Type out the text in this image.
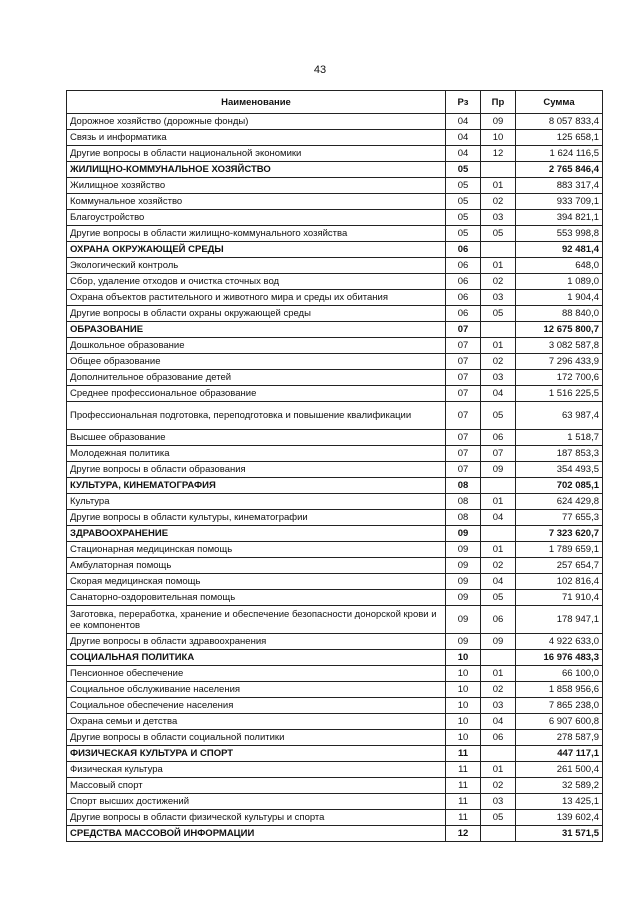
43
Наименование	Рз	Пр	Сумма
Дорожное хозяйство (дорожные фонды)	04	09	8 057 833,4
Связь и информатика	04	10	125 658,1
Другие вопросы в области национальной экономики	04	12	1 624 116,5
ЖИЛИЩНО-КОММУНАЛЬНОЕ ХОЗЯЙСТВО	05		2 765 846,4
Жилищное хозяйство	05	01	883 317,4
Коммунальное хозяйство	05	02	933 709,1
Благоустройство	05	03	394 821,1
Другие вопросы в области жилищно-коммунального хозяйства	05	05	553 998,8
ОХРАНА ОКРУЖАЮЩЕЙ СРЕДЫ	06		92 481,4
Экологический контроль	06	01	648,0
Сбор, удаление отходов и очистка сточных вод	06	02	1 089,0
Охрана объектов растительного и животного мира и среды их обитания	06	03	1 904,4
Другие вопросы в области охраны окружающей среды	06	05	88 840,0
ОБРАЗОВАНИЕ	07		12 675 800,7
Дошкольное образование	07	01	3 082 587,8
Общее образование	07	02	7 296 433,9
Дополнительное образование детей	07	03	172 700,6
Среднее профессиональное образование	07	04	1 516 225,5
Профессиональная подготовка, переподготовка и повышение квалификации	07	05	63 987,4
Высшее образование	07	06	1 518,7
Молодежная политика	07	07	187 853,3
Другие вопросы в области образования	07	09	354 493,5
КУЛЬТУРА, КИНЕМАТОГРАФИЯ	08		702 085,1
Культура	08	01	624 429,8
Другие вопросы в области культуры, кинематографии	08	04	77 655,3
ЗДРАВООХРАНЕНИЕ	09		7 323 620,7
Стационарная медицинская помощь	09	01	1 789 659,1
Амбулаторная помощь	09	02	257 654,7
Скорая медицинская помощь	09	04	102 816,4
Санаторно-оздоровительная помощь	09	05	71 910,4
Заготовка, переработка, хранение и обеспечение безопасности донорской крови и ее компонентов	09	06	178 947,1
Другие вопросы в области здравоохранения	09	09	4 922 633,0
СОЦИАЛЬНАЯ ПОЛИТИКА	10		16 976 483,3
Пенсионное обеспечение	10	01	66 100,0
Социальное обслуживание населения	10	02	1 858 956,6
Социальное обеспечение населения	10	03	7 865 238,0
Охрана семьи и детства	10	04	6 907 600,8
Другие вопросы в области социальной политики	10	06	278 587,9
ФИЗИЧЕСКАЯ КУЛЬТУРА И СПОРТ	11		447 117,1
Физическая культура	11	01	261 500,4
Массовый спорт	11	02	32 589,2
Спорт высших достижений	11	03	13 425,1
Другие вопросы в области физической культуры и спорта	11	05	139 602,4
СРЕДСТВА МАССОВОЙ ИНФОРМАЦИИ	12		31 571,5
